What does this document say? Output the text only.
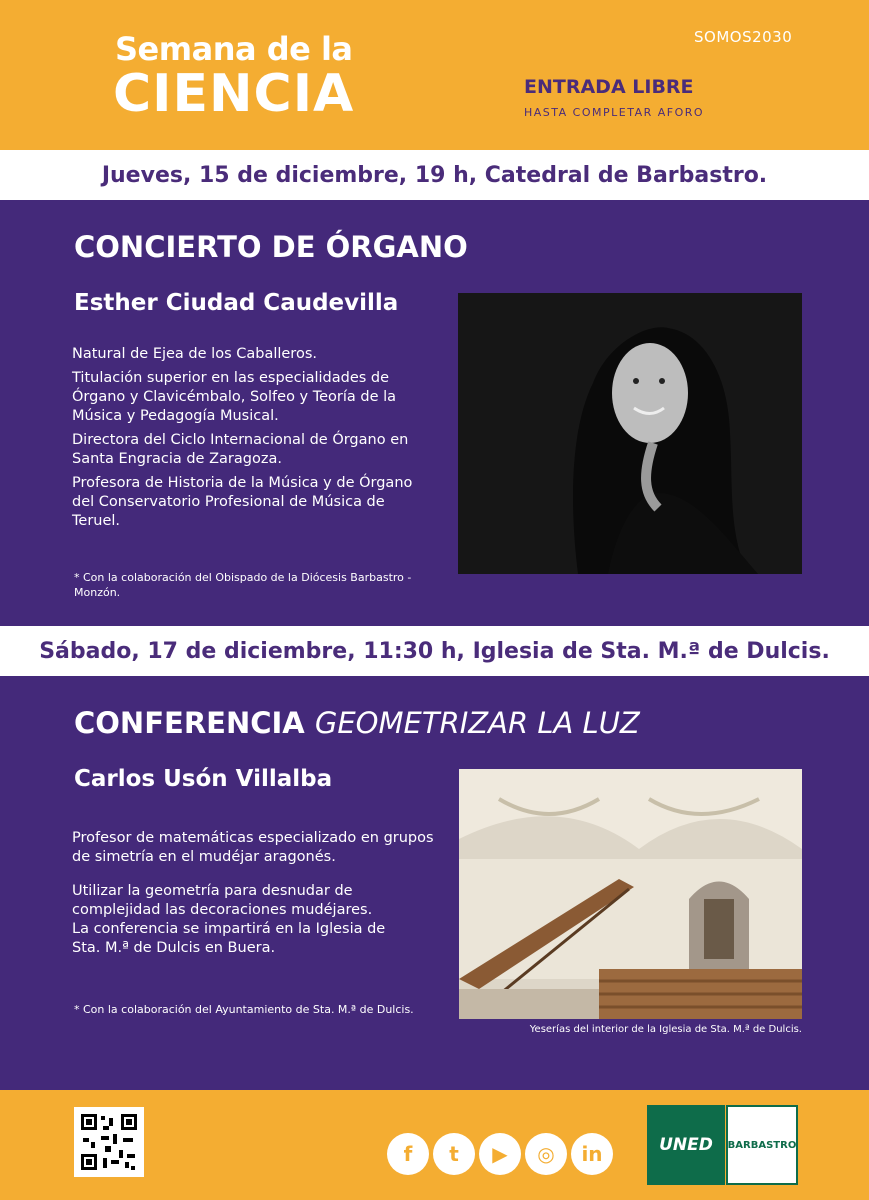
Semana de la
CIENCIA
SOMOS2030
ENTRADA LIBRE
HASTA COMPLETAR AFORO
Jueves, 15 de diciembre, 19 h, Catedral de Barbastro.
CONCIERTO DE ÓRGANO
Esther Ciudad Caudevilla

Natural de Ejea de los Caballeros.

Titulación superior en las especialidades de Órgano y Clavicémbalo, Solfeo y Teoría de la Música y Pedagogía Musical.

Directora del Ciclo Internacional de Órgano en Santa Engracia de Zaragoza.

Profesora de Historia de la Música y de Órgano del Conservatorio Profesional de Música de Teruel.

* Con la colaboración del Obispado de la Diócesis Barbastro - Monzón.
Sábado, 17 de diciembre, 11:30 h, Iglesia de Sta. M.ª de Dulcis.
CONFERENCIA GEOMETRIZAR LA LUZ
Carlos Usón Villalba

Profesor de matemáticas especializado en grupos de simetría en el mudéjar aragonés.

Utilizar la geometría para desnudar de complejidad las decoraciones mudéjares.

La conferencia se impartirá en la Iglesia de

Sta. M.ª de Dulcis en Buera.

* Con la colaboración del Ayuntamiento de Sta. M.ª de Dulcis.
Yeserías del interior de la Iglesia de Sta. M.ª de Dulcis.
f	t	▶	◎	in	UNED	BARBASTRO
